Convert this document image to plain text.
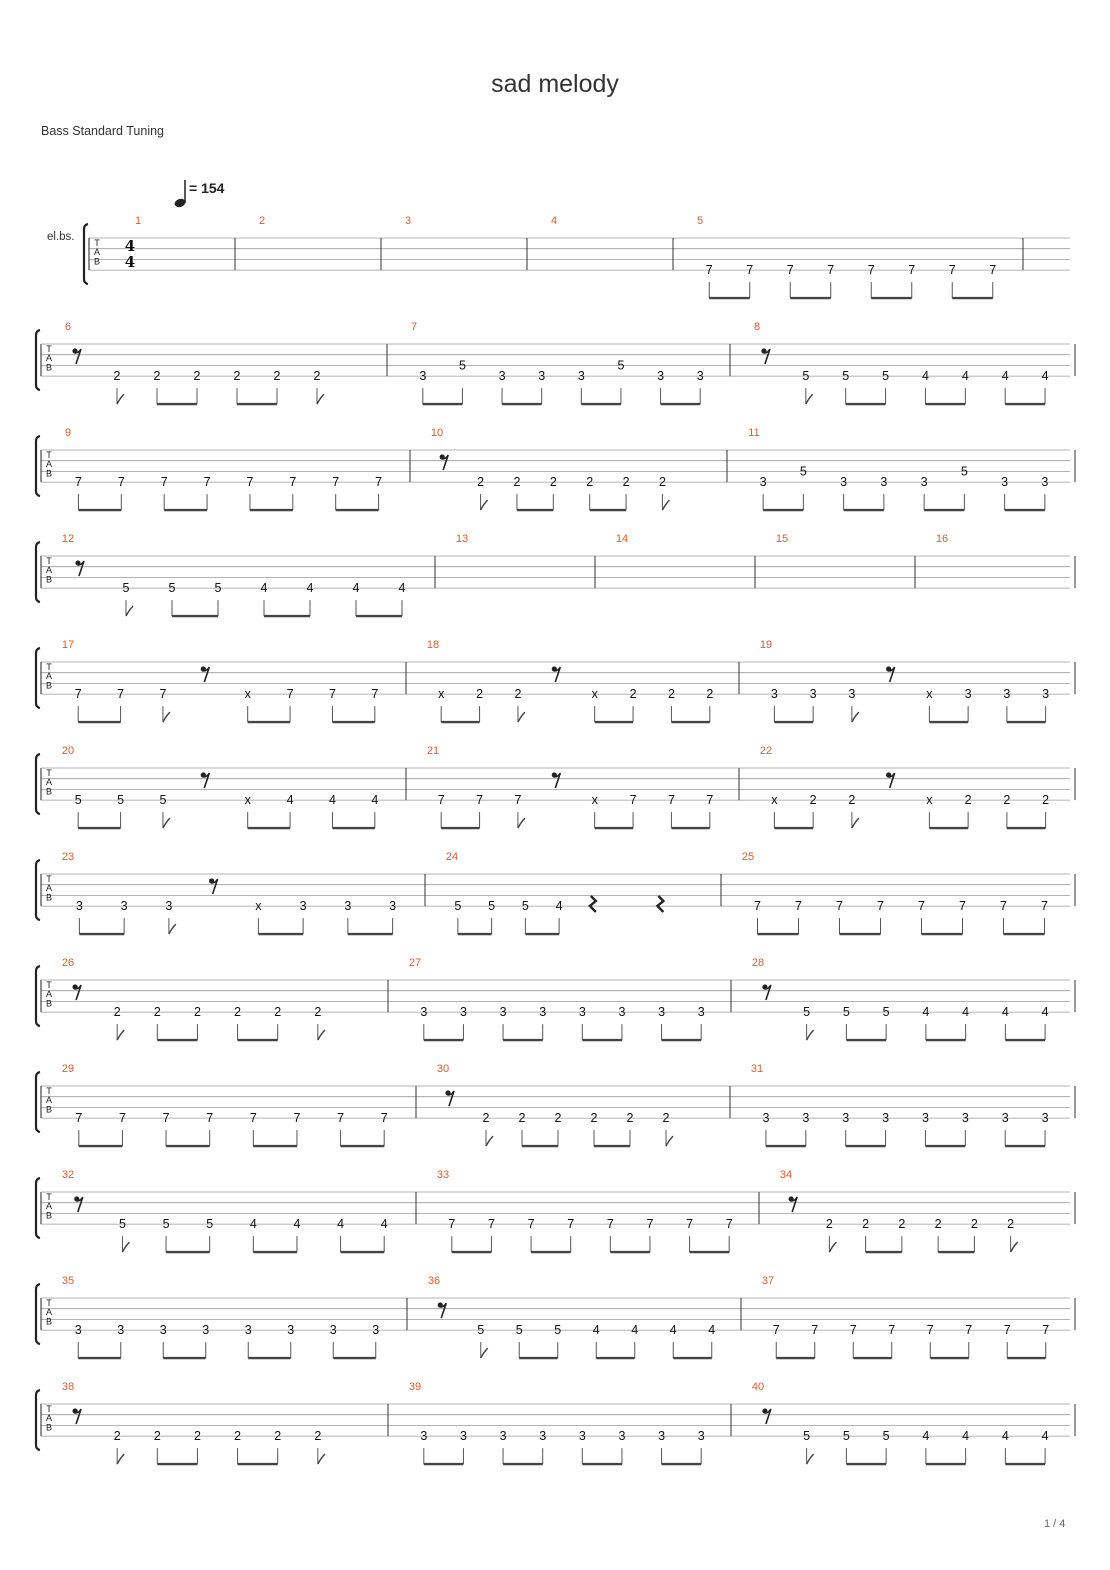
sad melody
Bass Standard Tuning
1 / 4
= 154
T
A
B
el.bs.	4
4
1	2	3	4	5
7	7	7	7	7	7	7	7
T
A
B
6
2	2	2	2	2	2
7
3
5
3	3	3
5
3	3
8
5	5	5	4	4	4	4
T
A
B
9
7	7	7	7	7	7	7	7
10
2 2 2 2 2 2
11
3
5
3	3	3
5
3	3
T
A
B
12
5	5	5	4	4	4	4
13	14	15	16
T
A
B
17
7	7	7	x	7	7	7
18
x	2	2	x	2	2	2
19
3	3	3	x	3	3	3
T
A
B
20
5	5	5	x	4	4	4
21
7	7	7	x	7	7	7
22
x	2	2	x	2	2	2
T
A
B
23
3	3	3	x	3	3	3
24
5 5 5 4
25
7	7	7	7	7	7	7	7
T
A
B
26
2	2	2	2	2	2
27
3	3	3	3	3	3	3	3
28
5	5	5	4	4	4	4
T
A
B
29
7	7	7	7	7	7	7	7
30
2 2 2 2 2 2
31
3	3	3	3	3	3	3	3
T
A
B
32
5	5	5	4	4	4	4
33
7	7	7	7	7	7	7	7
34
2 2 2 2 2 2
T
A
B
35
3	3	3	3	3	3	3	3
36
5	5	5	4	4	4	4
37
7	7	7	7	7	7	7	7
T
A
B
38
2	2	2	2	2	2
39
3	3	3	3	3	3	3	3
40
5	5	5	4	4	4	4
